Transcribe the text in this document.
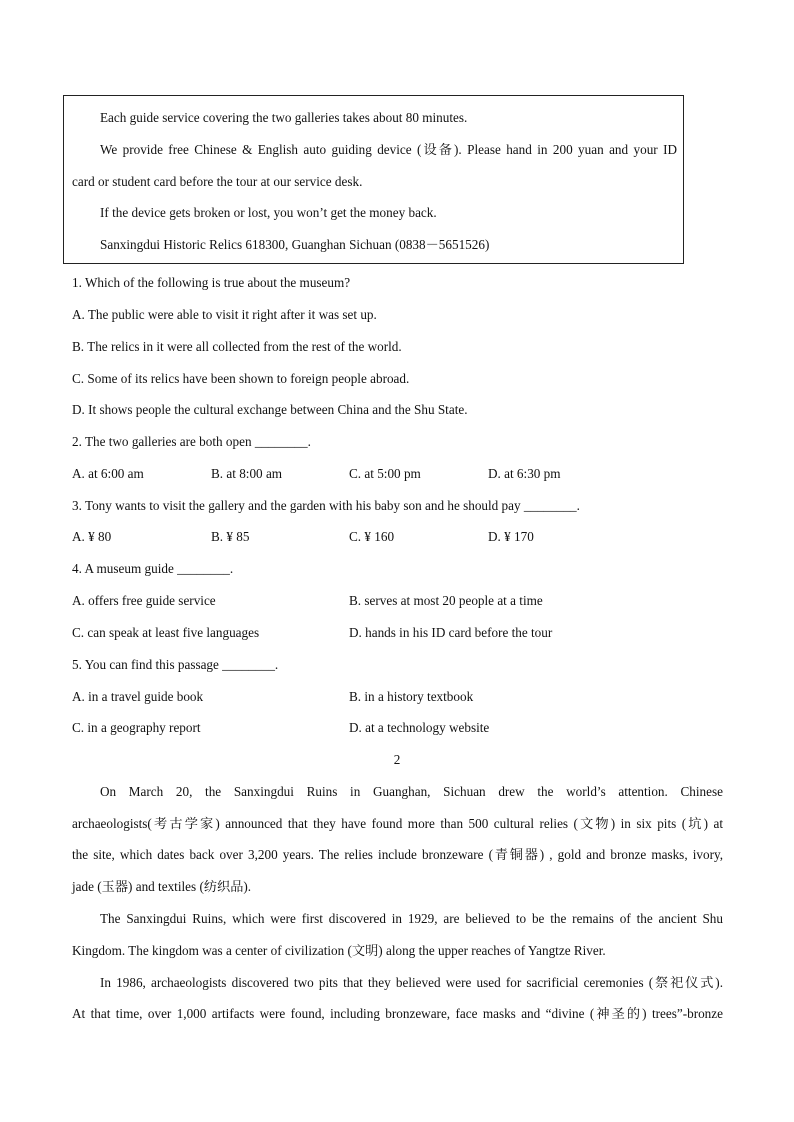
Each guide service covering the two galleries takes about 80 minutes.
We provide free Chinese & English auto guiding device (设备). Please hand in 200 yuan and your ID
card or student card before the tour at our service desk.
If the device gets broken or lost, you won’t get the money back.
Sanxingdui Historic Relics 618300, Guanghan Sichuan (0838－5651526)
1. Which of the following is true about the museum?
A. The public were able to visit it right after it was set up.
B. The relics in it were all collected from the rest of the world.
C. Some of its relics have been shown to foreign people abroad.
D. It shows people the cultural exchange between China and the Shu State.
2. The two galleries are both open ________.
A. at 6:00 am	B. at 8:00 am	C. at 5:00 pm	D. at 6:30 pm
3. Tony wants to visit the gallery and the garden with his baby son and he should pay ________.
A. ¥ 80	B. ¥ 85	C. ¥ 160	D. ¥ 170
4. A museum guide ________.
A. offers free guide service	B. serves at most 20 people at a time
C. can speak at least five languages	D. hands in his ID card before the tour
5. You can find this passage ________.
A. in a travel guide book	B. in a history textbook
C. in a geography report	D. at a technology website
2
On March 20, the Sanxingdui Ruins in Guanghan, Sichuan drew the world’s attention. Chinese
archaeologists(考古学家) announced that they have found more than 500 cultural relies (文物) in six pits (坑) at
the site, which dates back over 3,200 years. The relies include bronzeware (青铜器) , gold and bronze masks, ivory,
jade (玉器) and textiles (纺织品).
The Sanxingdui Ruins, which were first discovered in 1929, are believed to be the remains of the ancient Shu
Kingdom. The kingdom was a center of civilization (文明) along the upper reaches of Yangtze River.
In 1986, archaeologists discovered two pits that they believed were used for sacrificial ceremonies (祭祀仪式).
At that time, over 1,000 artifacts were found, including bronzeware, face masks and “divine (神圣的) trees”-bronze
